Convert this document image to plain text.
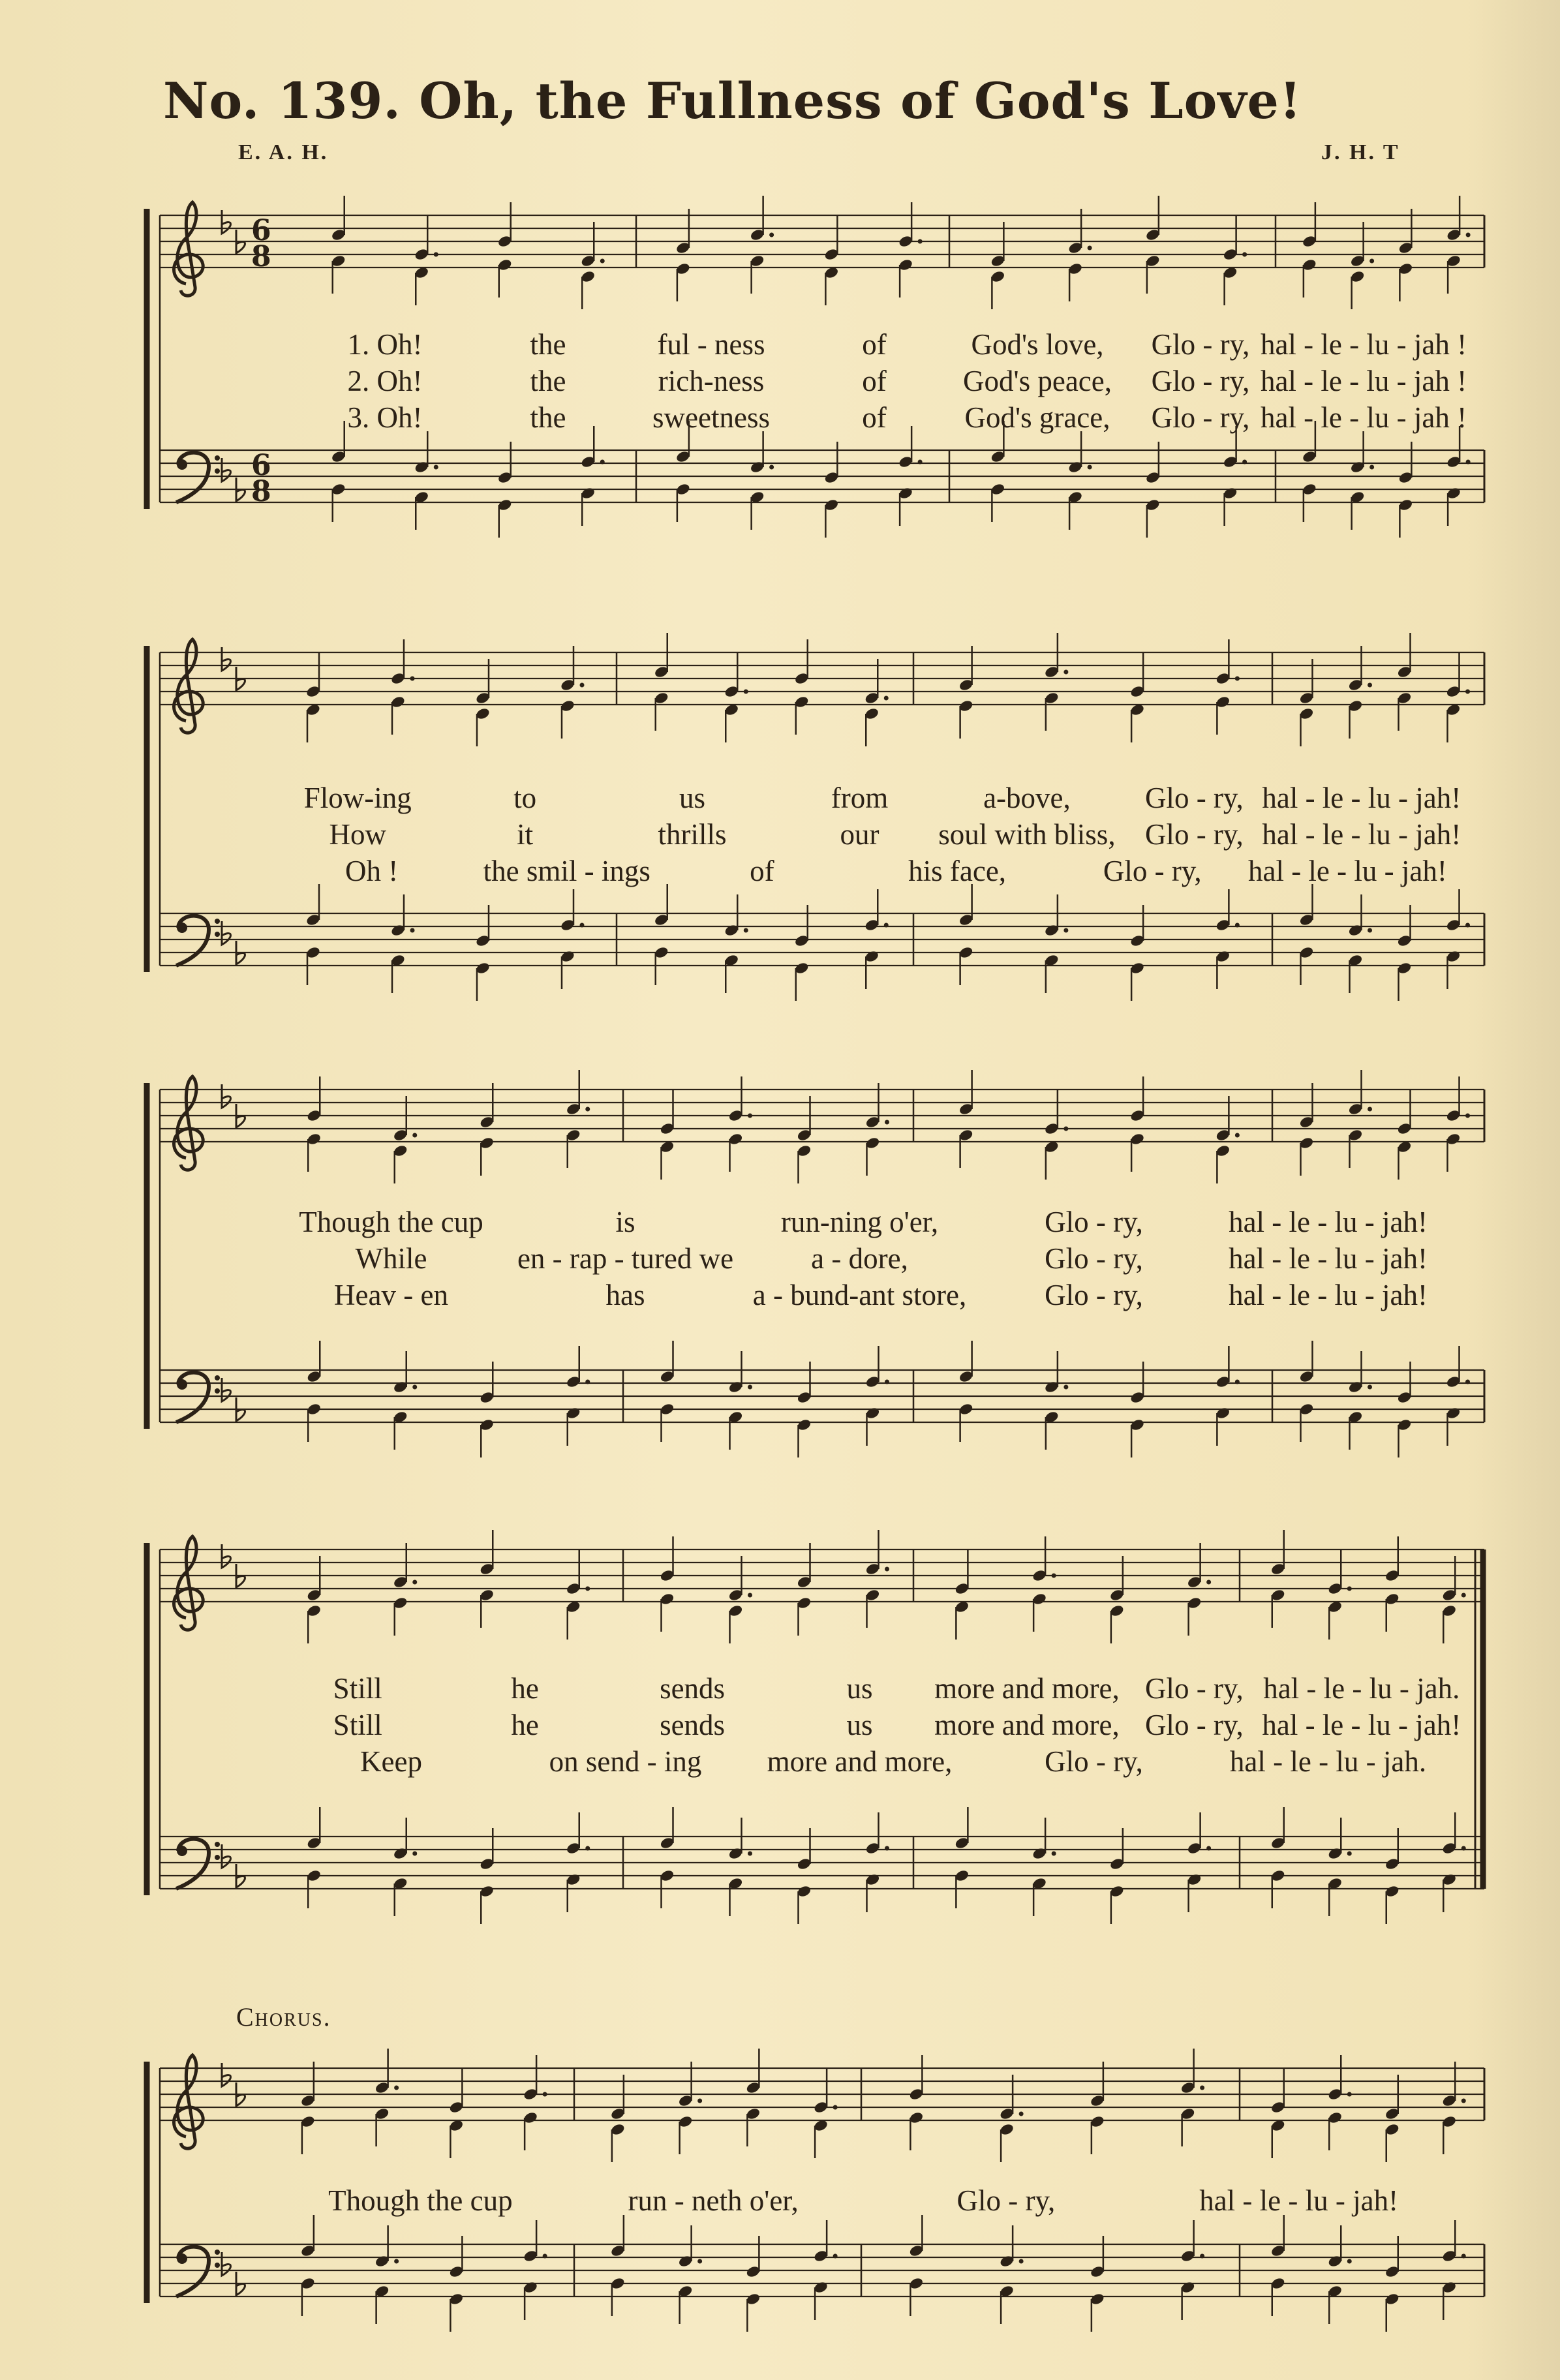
No. 139. Oh, the Fullness of God's Love!
E. A. H.	J. H. T
Chorus.
6
8
6
8
1. Oh!	the	ful - ness	of	God's love, Glo - ry, hal - le - lu - jah !
2. Oh!	the	rich-ness	of	God's peace, Glo - ry, hal - le - lu - jah !
3. Oh!	the	sweetness	of	God's grace, Glo - ry, hal - le - lu - jah !
Flow-ing	to	us	from	a-bove,	Glo - ry, hal - le - lu - jah!
How	it	thrills	our soul with bliss, Glo - ry, hal - le - lu - jah!
Oh !	the smil - ings	of	his face,	Glo - ry, hal - le - lu - jah!
Though the cup	is	run-ning o'er,	Glo - ry,	hal - le - lu - jah!
While	en - rap - tured we	a - dore,	Glo - ry,	hal - le - lu - jah!
Heav - en	has	a - bund-ant store,	Glo - ry,	hal - le - lu - jah!
Still	he	sends	us more and more, Glo - ry, hal - le - lu - jah.
Still	he	sends	us more and more, Glo - ry, hal - le - lu - jah!
Keep	on send - ing more and more,	Glo - ry,	hal - le - lu - jah.
Though the cup	run - neth o'er,	Glo - ry,	hal - le - lu - jah!
